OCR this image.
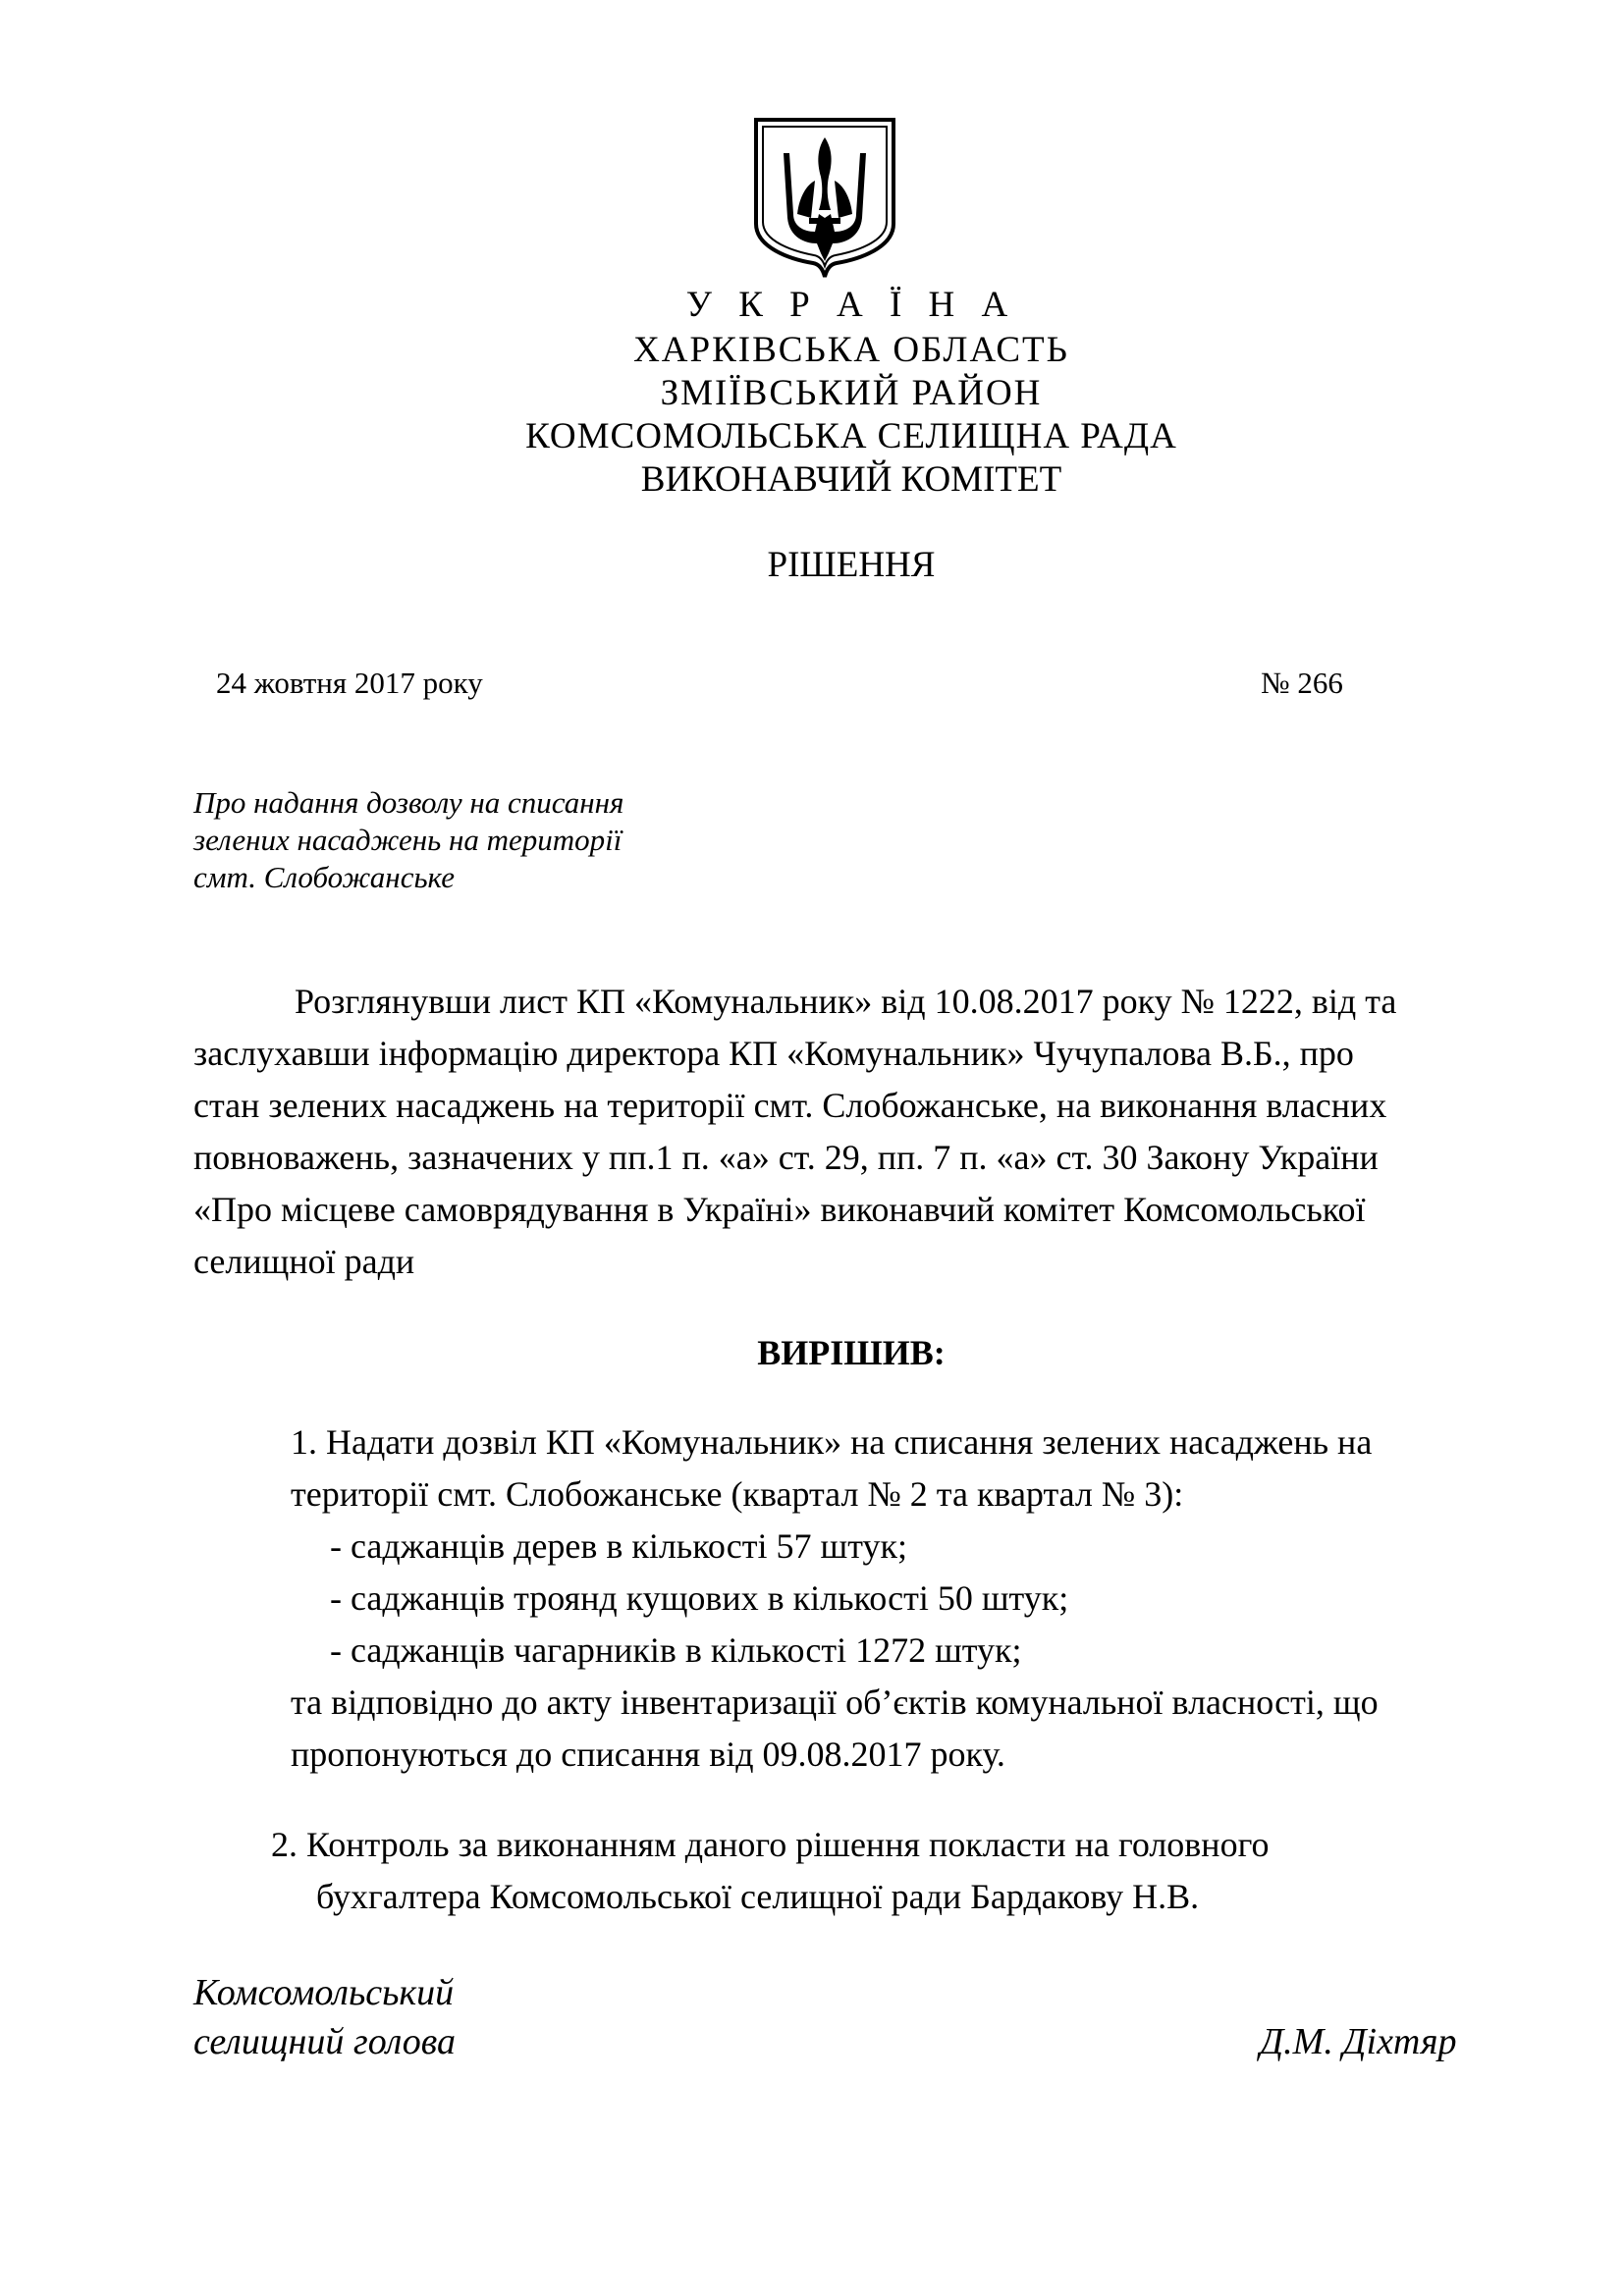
У К Р А Ї Н А
ХАРКІВСЬКА ОБЛАСТЬ
ЗМІЇВСЬКИЙ РАЙОН
КОМСОМОЛЬСЬКА СЕЛИЩНА РАДА
ВИКОНАВЧИЙ КОМІТЕТ
РІШЕННЯ
24 жовтня 2017 року	№ 266
Про надання дозволу на списання
зелених насаджень на території
смт. Слобожанське
Розглянувши лист КП «Комунальник» від 10.08.2017 року № 1222, від та
заслухавши інформацію директора КП «Комунальник» Чучупалова В.Б., про
стан зелених насаджень на території смт. Слобожанське, на виконання власних
повноважень, зазначених у пп.1 п. «а» ст. 29, пп. 7 п. «а» ст. 30 Закону України
«Про місцеве самоврядування в Україні» виконавчий комітет Комсомольської
селищної ради
ВИРІШИВ:
1. Надати дозвіл КП «Комунальник» на списання зелених насаджень на
території смт. Слобожанське (квартал № 2 та квартал № 3):
- саджанців дерев в кількості 57 штук;
- саджанців троянд кущових в кількості 50 штук;
- саджанців чагарників в кількості 1272 штук;
та відповідно до акту інвентаризації об’єктів комунальної власності, що
пропонуються до списання від 09.08.2017 року.
2. Контроль за виконанням даного рішення покласти на головного
бухгалтера Комсомольської селищної ради Бардакову Н.В.
Комсомольський
селищний голова	Д.М. Діхтяр
